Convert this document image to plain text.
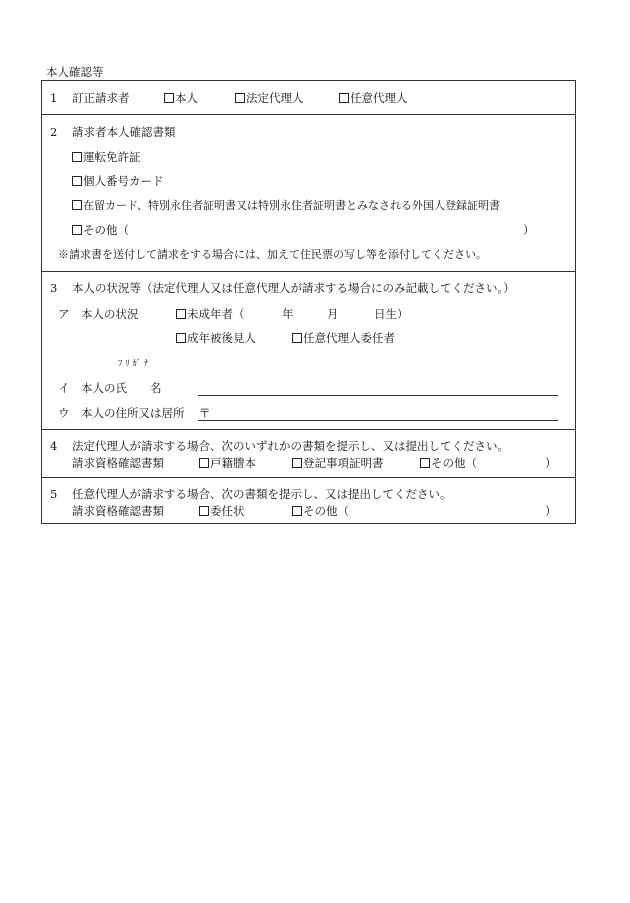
本人確認等
1 訂正請求者	本人	法定代理人	任意代理人
2 請求者本人確認書類
運転免許証
個人番号カード
在留カード、特別永住者証明書又は特別永住者証明書とみなされる外国人登録証明書
その他（	）
※請求書を送付して請求をする場合には、加えて住民票の写し等を添付してください。
3 本人の状況等（法定代理人又は任意代理人が請求する場合にのみ記載してください。）
ア　本人の状況	未成年者（	年	月	日生）
成年被後見人	任意代理人委任者
ﾌﾘｶﾞﾅ
イ　本人の氏　　名
ウ　本人の住所又は居所 〒
4 法定代理人が請求する場合、次のいずれかの書類を提示し、又は提出してください。
請求資格確認書類	戸籍謄本	登記事項証明書	その他（	）
5 任意代理人が請求する場合、次の書類を提示し、又は提出してください。
請求資格確認書類	委任状	その他（	）
